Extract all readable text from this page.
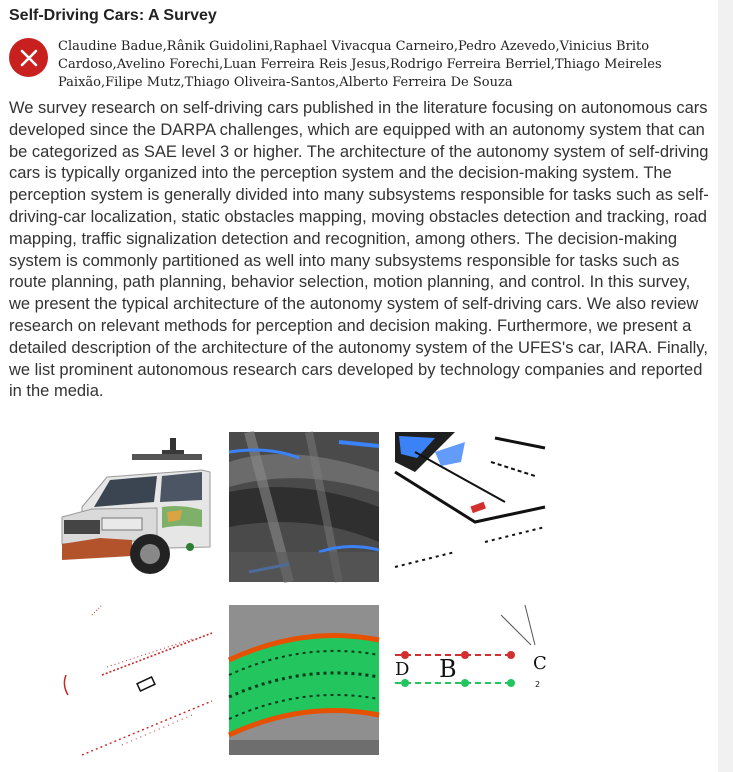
Self-Driving Cars: A Survey
Claudine Badue,Rânik Guidolini,Raphael Vivacqua Carneiro,Pedro Azevedo,Vinicius Brito Cardoso,Avelino Forechi,Luan Ferreira Reis Jesus,Rodrigo Ferreira Berriel,Thiago Meireles Paixão,Filipe Mutz,Thiago Oliveira-Santos,Alberto Ferreira De Souza

We survey research on self-driving cars published in the literature focusing on autonomous cars developed since the DARPA challenges, which are equipped with an autonomy system that can be categorized as SAE level 3 or higher. The architecture of the autonomy system of self-driving cars is typically organized into the perception system and the decision-making system. The perception system is generally divided into many subsystems responsible for tasks such as self-driving-car localization, static obstacles mapping, moving obstacles detection and tracking, road mapping, traffic signalization detection and recognition, among others. The decision-making system is commonly partitioned as well into many subsystems responsible for tasks such as route planning, path planning, behavior selection, motion planning, and control. In this survey, we present the typical architecture of the autonomy system of self-driving cars. We also review research on relevant methods for perception and decision making. Furthermore, we present a detailed description of the architecture of the autonomy system of the UFES's car, IARA. Finally, we list prominent autonomous research cars developed by technology companies and reported in the media.

D B	C
2
